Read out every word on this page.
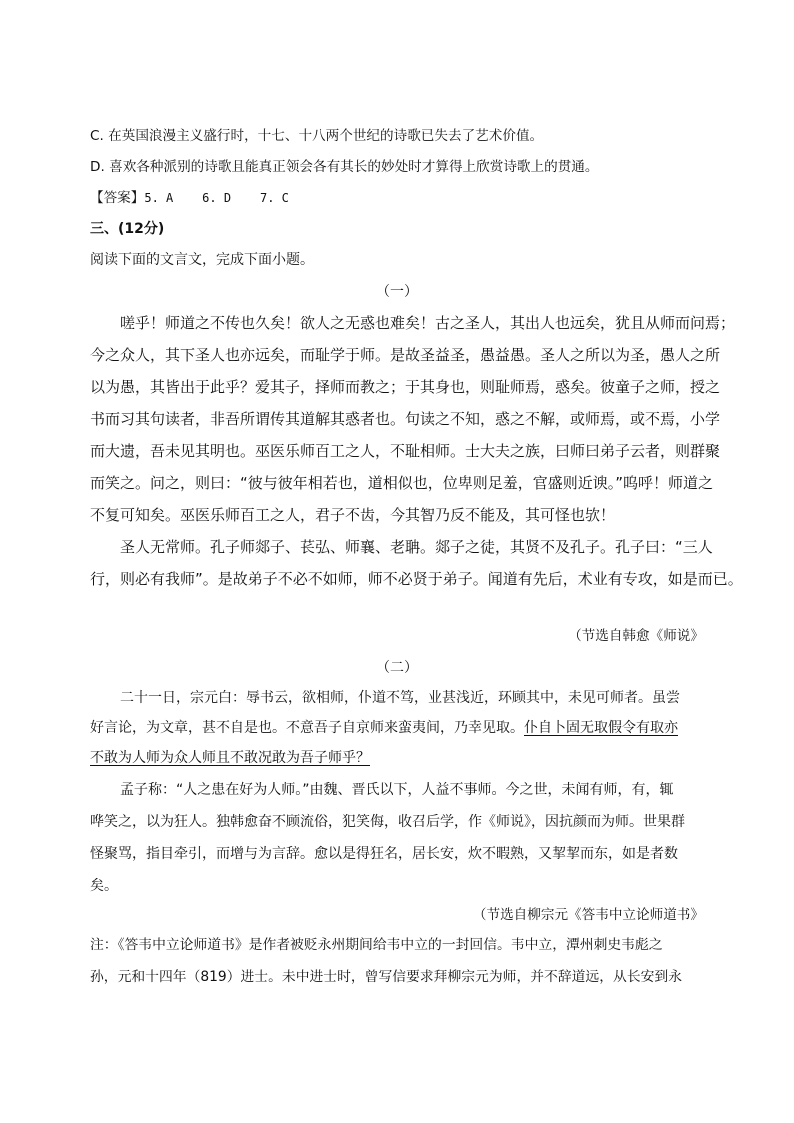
C. 在英国浪漫主义盛行时，十七、十八两个世纪的诗歌已失去了艺术价值。

D. 喜欢各种派别的诗歌且能真正领会各有其长的妙处时才算得上欣赏诗歌上的贯通。

【答案】5. A    6. D    7. C

三、(12分)

阅读下面的文言文，完成下面小题。

（一）

嗟乎！师道之不传也久矣！欲人之无惑也难矣！古之圣人，其出人也远矣，犹且从师而问焉；

今之众人，其下圣人也亦远矣，而耻学于师。是故圣益圣，愚益愚。圣人之所以为圣，愚人之所

以为愚，其皆出于此乎？爱其子，择师而教之；于其身也，则耻师焉，惑矣。彼童子之师，授之

书而习其句读者，非吾所谓传其道解其惑者也。句读之不知，惑之不解，或师焉，或不焉，小学

而大遗，吾未见其明也。巫医乐师百工之人，不耻相师。士大夫之族，曰师曰弟子云者，则群聚

而笑之。问之，则曰：“彼与彼年相若也，道相似也，位卑则足羞，官盛则近谀。”呜呼！师道之

不复可知矣。巫医乐师百工之人，君子不齿，今其智乃反不能及，其可怪也欤！

圣人无常师。孔子师郯子、苌弘、师襄、老聃。郯子之徒，其贤不及孔子。孔子曰：“三人

行，则必有我师”。是故弟子不必不如师，师不必贤于弟子。闻道有先后，术业有专攻，如是而已。

（节选自韩愈《师说》

（二）

二十一日，宗元白：辱书云，欲相师，仆道不笃，业甚浅近，环顾其中，未见可师者。虽尝

好言论，为文章，甚不自是也。不意吾子自京师来蛮夷间，乃幸见取。仆自卜固无取假令有取亦

不敢为人师为众人师且不敢况敢为吾子师乎？

孟子称：“人之患在好为人师。”由魏、晋氏以下，人益不事师。今之世，未闻有师，有，辄

哗笑之，以为狂人。独韩愈奋不顾流俗，犯笑侮，收召后学，作《师说》，因抗颜而为师。世果群

怪聚骂，指目牵引，而增与为言辞。愈以是得狂名，居长安，炊不暇熟，又挈挈而东，如是者数

矣。

（节选自柳宗元《答韦中立论师道书》

注：《答韦中立论师道书》是作者被贬永州期间给韦中立的一封回信。韦中立，潭州刺史韦彪之

孙，元和十四年（819）进士。未中进士时，曾写信要求拜柳宗元为师，并不辞道远，从长安到永
